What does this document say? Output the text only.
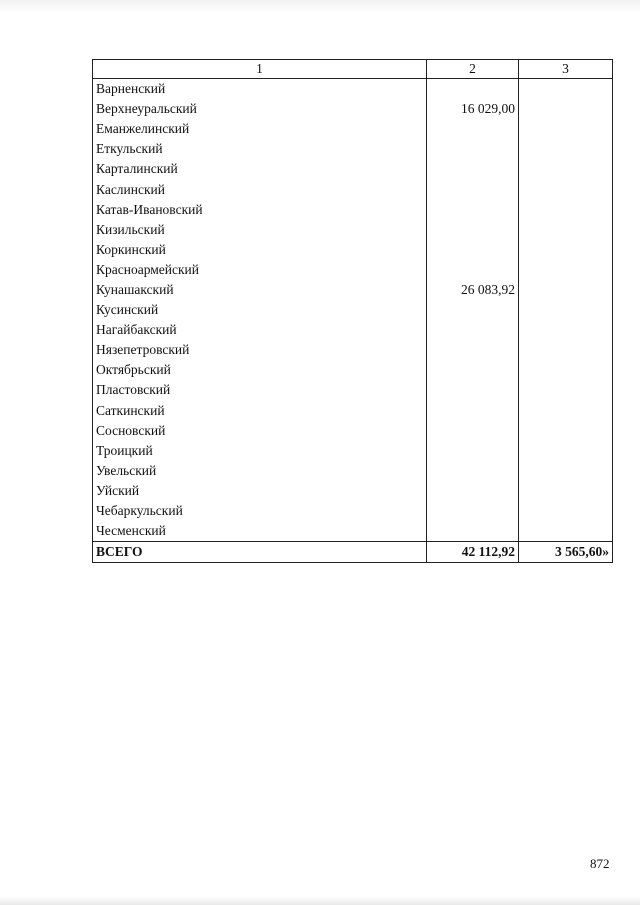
1	2	3
Варненский		
Верхнеуральский	16 029,00	
Еманжелинский		
Еткульский		
Карталинский		
Каслинский		
Катав-Ивановский		
Кизильский		
Коркинский		
Красноармейский		
Кунашакский	26 083,92	
Кусинский		
Нагайбакский		
Нязепетровский		
Октябрьский		
Пластовский		
Саткинский		
Сосновский		
Троицкий		
Увельский		
Уйский		
Чебаркульский		
Чесменский		
ВСЕГО	42 112,92	3 565,60»
872
